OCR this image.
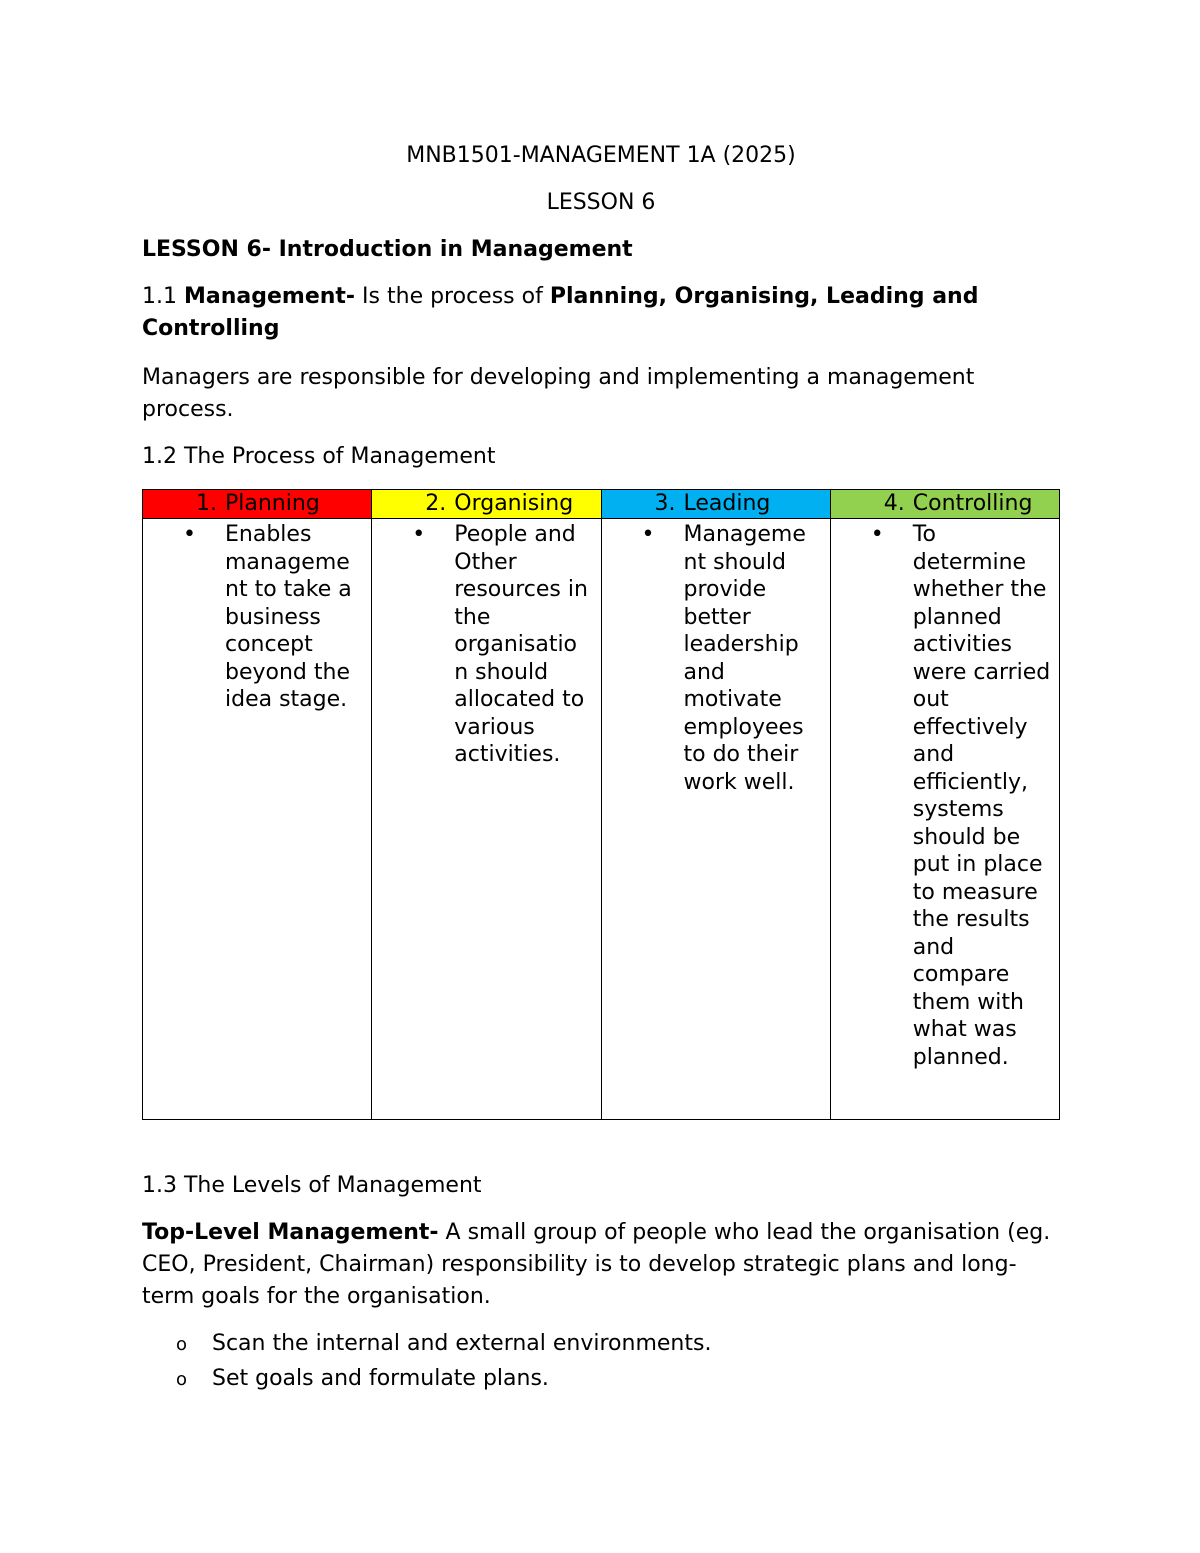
MNB1501-MANAGEMENT 1A (2025)
LESSON 6
LESSON 6- Introduction in Management
1.1 Management- Is the process of Planning, Organising, Leading and Controlling
Managers are responsible for developing and implementing a management process.
1.2 The Process of Management
1. Planning	2. Organising	3. Leading	4. Controlling

• Enables manageme nt to take a business concept beyond the idea stage.	• People and Other resources in the organisatio n should allocated to various activities.	• Manageme nt should provide better leadership and motivate employees to do their work well.	• To determine whether the planned activities were carried out effectively and efficiently, systems should be put in place to measure the results and compare them with what was planned.
1.3 The Levels of Management
Top-Level Management- A small group of people who lead the organisation (eg. CEO, President, Chairman) responsibility is to develop strategic plans and long-term goals for the organisation.
o Scan the internal and external environments.
o Set goals and formulate plans.
